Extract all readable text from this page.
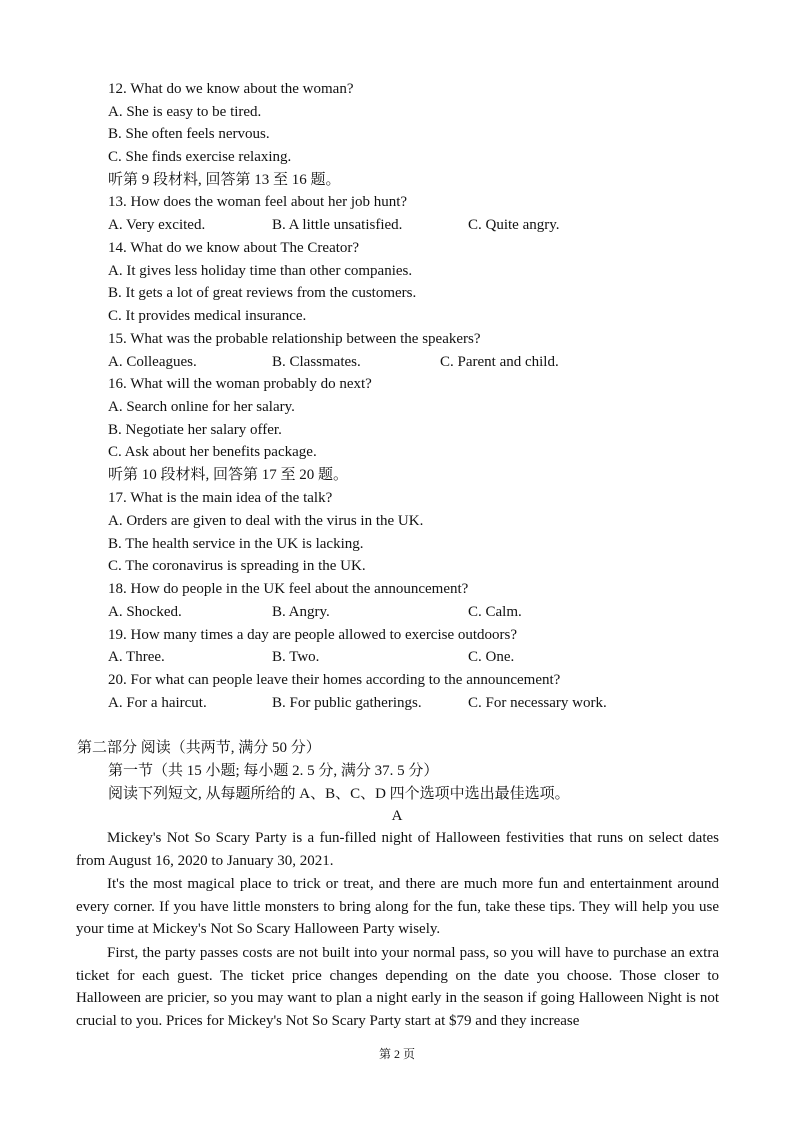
12. What do we know about the woman?
A. She is easy to be tired.
B. She often feels nervous.
C. She finds exercise relaxing.
听第 9 段材料, 回答第 13 至 16 题。
13. How does the woman feel about her job hunt?
A. Very excited.	B. A little unsatisfied.	C. Quite angry.
14. What do we know about The Creator?
A. It gives less holiday time than other companies.
B. It gets a lot of great reviews from the customers.
C. It provides medical insurance.
15. What was the probable relationship between the speakers?
A. Colleagues.	B. Classmates.	C. Parent and child.
16. What will the woman probably do next?
A. Search online for her salary.
B. Negotiate her salary offer.
C. Ask about her benefits package.
听第 10 段材料, 回答第 17 至 20 题。
17. What is the main idea of the talk?
A. Orders are given to deal with the virus in the UK.
B. The health service in the UK is lacking.
C. The coronavirus is spreading in the UK.
18. How do people in the UK feel about the announcement?
A. Shocked.	B. Angry.	C. Calm.
19. How many times a day are people allowed to exercise outdoors?
A. Three.	B. Two.	C. One.
20. For what can people leave their homes according to the announcement?
A. For a haircut.	B. For public gatherings.	C. For necessary work.
第二部分 阅读（共两节, 满分 50 分）
第一节（共 15 小题; 每小题 2. 5 分, 满分 37. 5 分）
阅读下列短文, 从每题所给的 A、B、C、D 四个选项中选出最佳选项。
A
Mickey's Not So Scary Party is a fun-filled night of Halloween festivities that runs on select dates from August 16, 2020 to January 30, 2021.
It's the most magical place to trick or treat, and there are much more fun and entertainment around every corner. If you have little monsters to bring along for the fun, take these tips. They will help you use your time at Mickey's Not So Scary Halloween Party wisely.
First, the party passes costs are not built into your normal pass, so you will have to purchase an extra ticket for each guest. The ticket price changes depending on the date you choose. Those closer to Halloween are pricier, so you may want to plan a night early in the season if going Halloween Night is not crucial to you. Prices for Mickey's Not So Scary Party start at $79 and they increase
第 2 页
